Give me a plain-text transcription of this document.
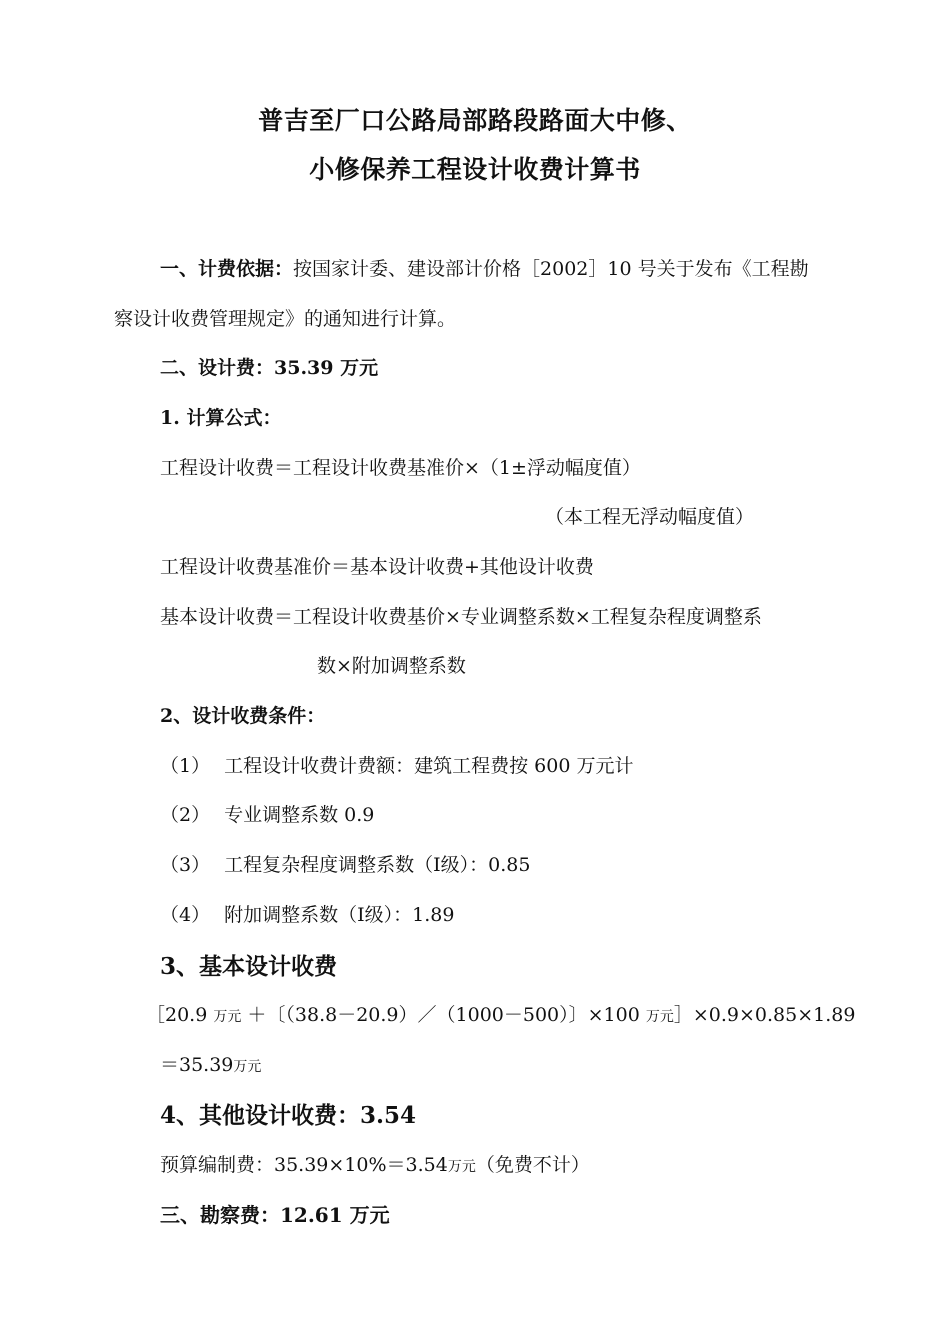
普吉至厂口公路局部路段路面大中修、
小修保养工程设计收费计算书
一、计费依据：按国家计委、建设部计价格［2002］10 号关于发布《工程勘
察设计收费管理规定》的通知进行计算。
二、设计费：35.39 万元
1. 计算公式：
工程设计收费＝工程设计收费基准价×（1±浮动幅度值）
（本工程无浮动幅度值）
工程设计收费基准价＝基本设计收费+其他设计收费
基本设计收费＝工程设计收费基价×专业调整系数×工程复杂程度调整系
数×附加调整系数
2、设计收费条件：
（1） 工程设计收费计费额：建筑工程费按 600 万元计
（2） 专业调整系数 0.9
（3） 工程复杂程度调整系数（Ⅰ级）：0.85
（4） 附加调整系数（Ⅰ级）：1.89
3、基本设计收费
［20.9 万元 ＋〔（38.8－20.9）／（1000－500）〕×100 万元］×0.9×0.85×1.89
＝35.39万元
4、其他设计收费：3.54
预算编制费：35.39×10%＝3.54万元（免费不计）
三、勘察费：12.61 万元
